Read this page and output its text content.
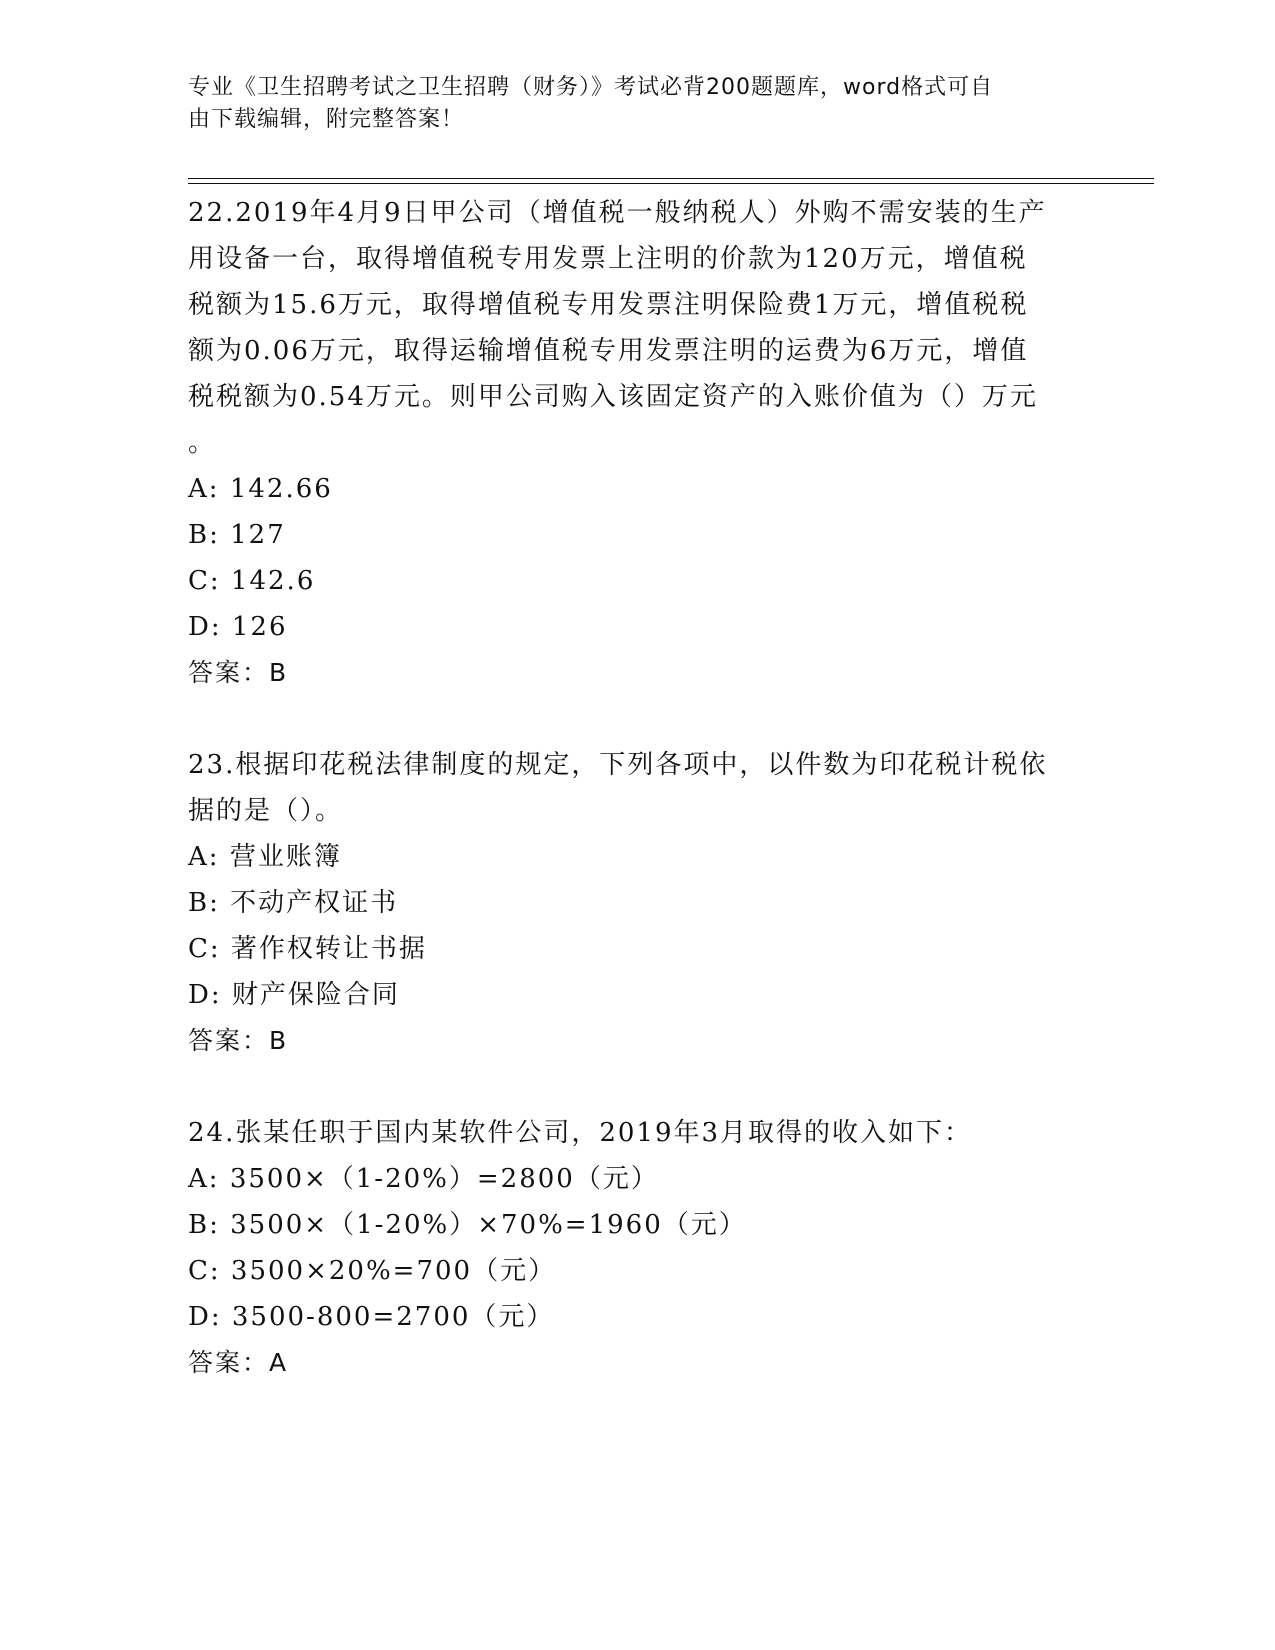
专业《卫生招聘考试之卫生招聘（财务）》考试必背200题题库，word格式可自
由下载编辑，附完整答案！
22.2019年4月9日甲公司（增值税一般纳税人）外购不需安装的生产
用设备一台，取得增值税专用发票上注明的价款为120万元，增值税
税额为15.6万元，取得增值税专用发票注明保险费1万元，增值税税
额为0.06万元，取得运输增值税专用发票注明的运费为6万元，增值
税税额为0.54万元。则甲公司购入该固定资产的入账价值为（）万元
。
A: 142.66
B: 127
C: 142.6
D: 126
答案：B
23.根据印花税法律制度的规定，下列各项中，以件数为印花税计税依
据的是（）。
A: 营业账簿
B: 不动产权证书
C: 著作权转让书据
D: 财产保险合同
答案：B
24.张某任职于国内某软件公司，2019年3月取得的收入如下：
A: 3500×（1-20%）=2800（元）
B: 3500×（1-20%）×70%=1960（元）
C: 3500×20%=700（元）
D: 3500-800=2700（元）
答案：A
